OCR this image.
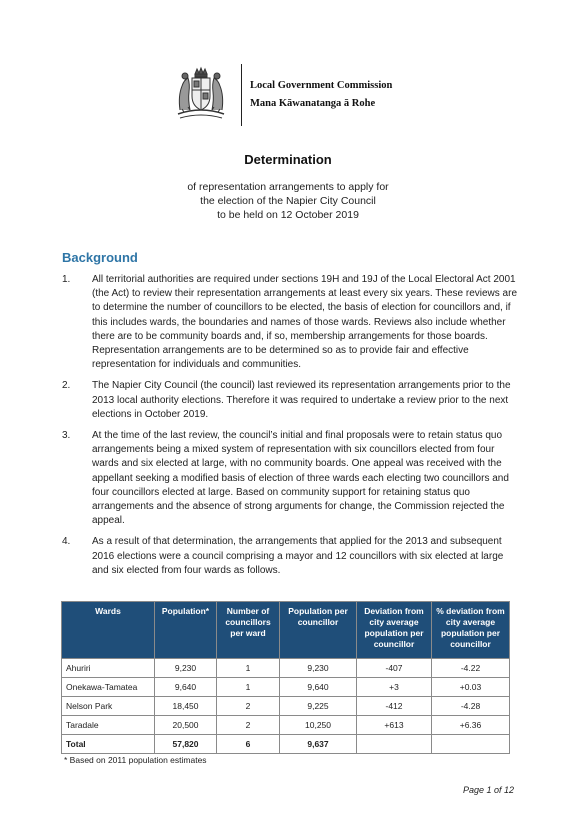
Local Government Commission
Mana Kāwanatanga ā Rohe
Determination
of representation arrangements to apply for
the election of the Napier City Council
to be held on 12 October 2019
Background
1. All territorial authorities are required under sections 19H and 19J of the Local Electoral Act 2001 (the Act) to review their representation arrangements at least every six years. These reviews are to determine the number of councillors to be elected, the basis of election for councillors and, if this includes wards, the boundaries and names of those wards. Reviews also include whether there are to be community boards and, if so, membership arrangements for those boards. Representation arrangements are to be determined so as to provide fair and effective representation for individuals and communities.
2. The Napier City Council (the council) last reviewed its representation arrangements prior to the 2013 local authority elections. Therefore it was required to undertake a review prior to the next elections in October 2019.
3. At the time of the last review, the council’s initial and final proposals were to retain status quo arrangements being a mixed system of representation with six councillors elected from four wards and six elected at large, with no community boards. One appeal was received with the appellant seeking a modified basis of election of three wards each electing two councillors and four councillors elected at large. Based on community support for retaining status quo arrangements and the absence of strong arguments for change, the Commission rejected the appeal.
4. As a result of that determination, the arrangements that applied for the 2013 and subsequent 2016 elections were a council comprising a mayor and 12 councillors with six elected at large and six elected from four wards as follows.
Wards	Population*	Number of councillors per ward	Population per councillor	Deviation from city average population per councillor	% deviation from city average population per councillor
Ahuriri	9,230	1	9,230	-407	-4.22
Onekawa-Tamatea	9,640	1	9,640	+3	+0.03
Nelson Park	18,450	2	9,225	-412	-4.28
Taradale	20,500	2	10,250	+613	+6.36
Total	57,820	6	9,637		
* Based on 2011 population estimates
Page 1 of 12
